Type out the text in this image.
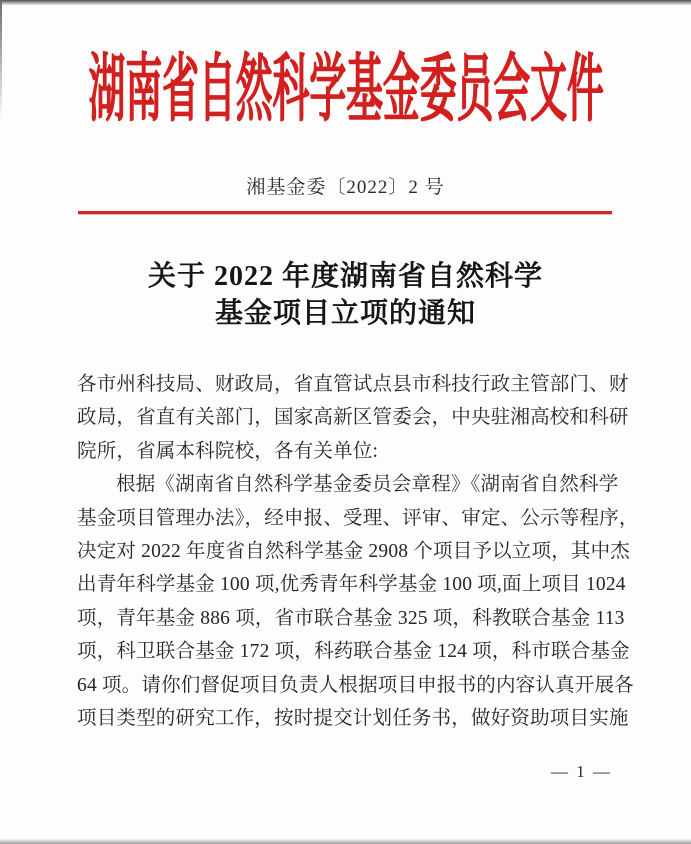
湖南省自然科学基金委员会文件
湘基金委〔2022〕2 号
关于 2022 年度湖南省自然科学
基金项目立项的通知
各市州科技局、财政局，省直管试点县市科技行政主管部门、财
政局，省直有关部门，国家高新区管委会，中央驻湘高校和科研
院所，省属本科院校，各有关单位:
根据《湖南省自然科学基金委员会章程》《湖南省自然科学
基金项目管理办法》，经申报、受理、评审、审定、公示等程序，
决定对 2022 年度省自然科学基金 2908 个项目予以立项，其中杰
出青年科学基金 100 项,优秀青年科学基金 100 项,面上项目 1024
项，青年基金 886 项，省市联合基金 325 项，科教联合基金 113
项，科卫联合基金 172 项，科药联合基金 124 项，科市联合基金
64 项。请你们督促项目负责人根据项目申报书的内容认真开展各
项目类型的研究工作，按时提交计划任务书，做好资助项目实施
— 1 —
